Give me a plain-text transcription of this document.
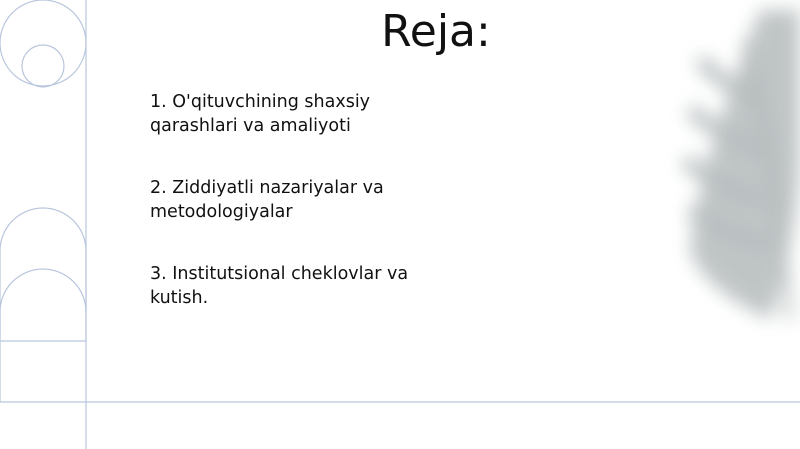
Reja:

1. O'qituvchining shaxsiy qarashlari va amaliyoti

2. Ziddiyatli nazariyalar va metodologiyalar

3. Institutsional cheklovlar va kutish.
